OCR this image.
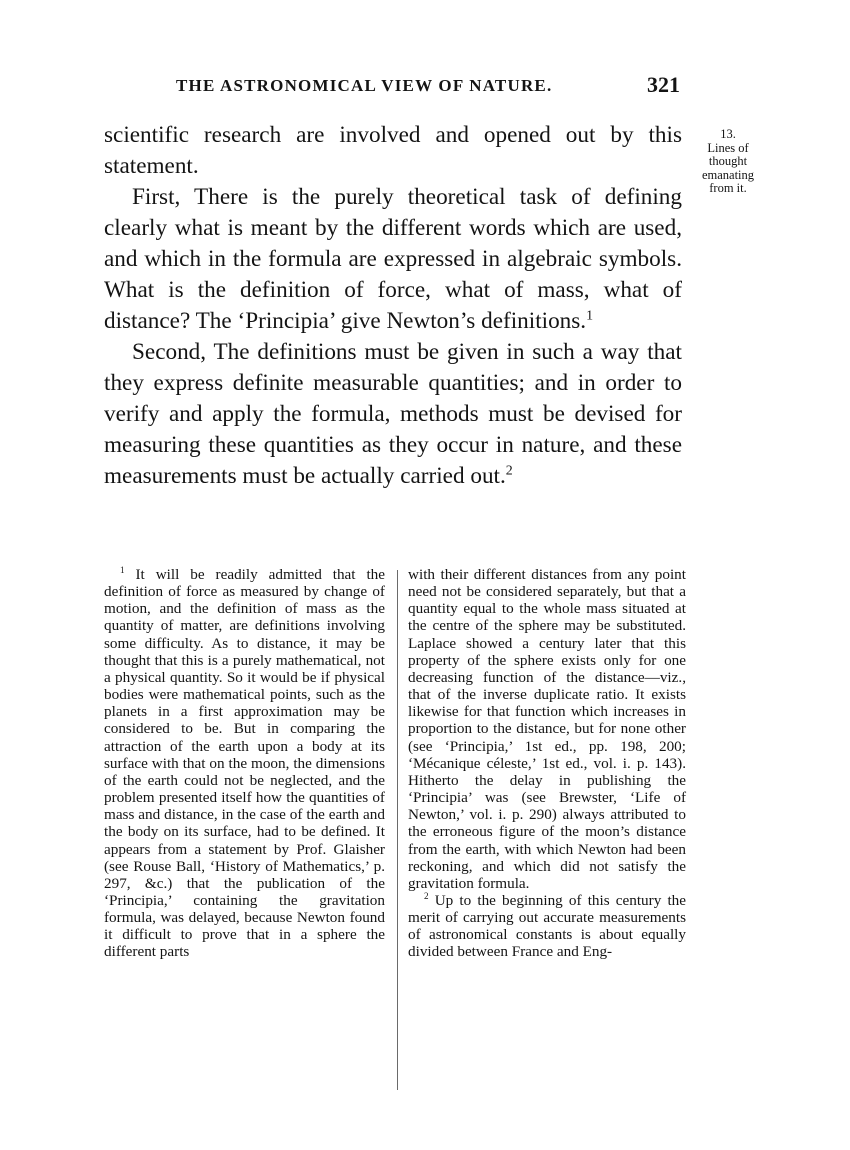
THE ASTRONOMICAL VIEW OF NATURE.	321

scientific research are involved and opened out by this statement.

First, There is the purely theoretical task of defining clearly what is meant by the different words which are used, and which in the formula are expressed in algebraic symbols. What is the definition of force, what of mass, what of distance? The ‘Principia’ give Newton’s definitions.$^1$

Second, The definitions must be given in such a way that they express definite measurable quantities; and in order to verify and apply the formula, methods must be devised for measuring these quantities as they occur in nature, and these measurements must be actually carried out.$^2$

13.
Lines of
thought
emanating
from it.

$^1$ It will be readily admitted that the definition of force as measured by change of motion, and the definition of mass as the quantity of matter, are definitions involving some difficulty. As to distance, it may be thought that this is a purely mathematical, not a physical quantity. So it would be if physical bodies were mathematical points, such as the planets in a first approximation may be considered to be. But in comparing the attraction of the earth upon a body at its surface with that on the moon, the dimensions of the earth could not be neglected, and the problem presented itself how the quantities of mass and distance, in the case of the earth and the body on its surface, had to be defined. It appears from a statement by Prof. Glaisher (see Rouse Ball, ‘History of Mathematics,’ p. 297, &c.) that the publication of the ‘Principia,’ containing the gravitation formula, was delayed, because Newton found it difficult to prove that in a sphere the different parts

with their different distances from any point need not be considered separately, but that a quantity equal to the whole mass situated at the centre of the sphere may be substituted. Laplace showed a century later that this property of the sphere exists only for one decreasing function of the distance—viz., that of the inverse duplicate ratio. It exists likewise for that function which increases in proportion to the distance, but for none other (see ‘Principia,’ 1st ed., pp. 198, 200; ‘Mécanique céleste,’ 1st ed., vol. i. p. 143). Hitherto the delay in publishing the ‘Principia’ was (see Brewster, ‘Life of Newton,’ vol. i. p. 290) always attributed to the erroneous figure of the moon’s distance from the earth, with which Newton had been reckoning, and which did not satisfy the gravitation formula.

$^2$ Up to the beginning of this century the merit of carrying out accurate measurements of astronomical constants is about equally divided between France and Eng-
